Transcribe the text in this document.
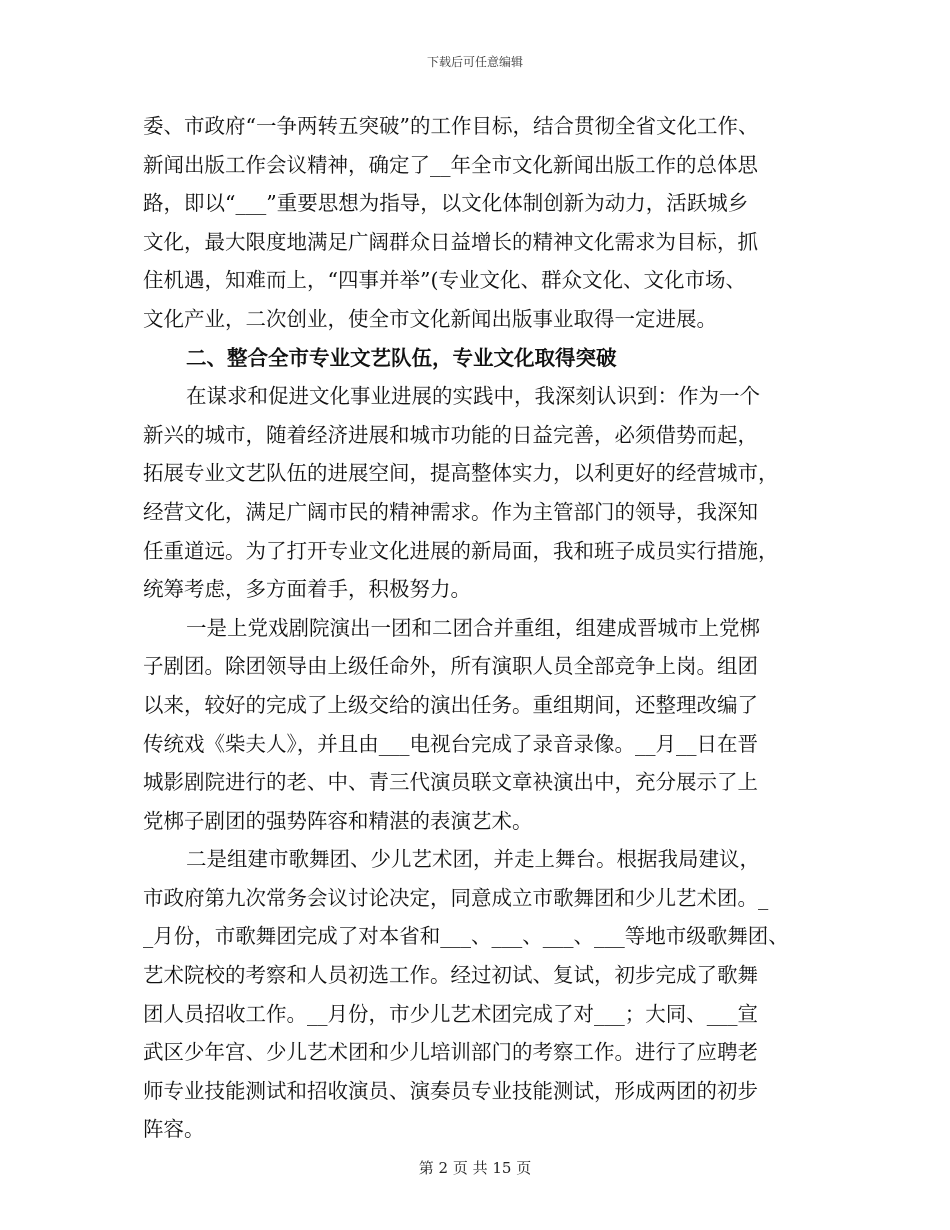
下载后可任意编辑
委、市政府“一争两转五突破”的工作目标，结合贯彻全省文化工作、
新闻出版工作会议精神，确定了__年全市文化新闻出版工作的总体思
路，即以“___”重要思想为指导，以文化体制创新为动力，活跃城乡
文化，最大限度地满足广阔群众日益增长的精神文化需求为目标，抓
住机遇，知难而上，“四事并举”(专业文化、群众文化、文化市场、
文化产业，二次创业，使全市文化新闻出版事业取得一定进展。
二、整合全市专业文艺队伍，专业文化取得突破
在谋求和促进文化事业进展的实践中，我深刻认识到：作为一个
新兴的城市，随着经济进展和城市功能的日益完善，必须借势而起，
拓展专业文艺队伍的进展空间，提高整体实力，以利更好的经营城市，
经营文化，满足广阔市民的精神需求。作为主管部门的领导，我深知
任重道远。为了打开专业文化进展的新局面，我和班子成员实行措施，
统筹考虑，多方面着手，积极努力。
一是上党戏剧院演出一团和二团合并重组，组建成晋城市上党梆
子剧团。除团领导由上级任命外，所有演职人员全部竞争上岗。组团
以来，较好的完成了上级交给的演出任务。重组期间，还整理改编了
传统戏《柴夫人》，并且由___电视台完成了录音录像。__月__日在晋
城影剧院进行的老、中、青三代演员联文章袂演出中，充分展示了上
党梆子剧团的强势阵容和精湛的表演艺术。
二是组建市歌舞团、少儿艺术团，并走上舞台。根据我局建议，
市政府第九次常务会议讨论决定，同意成立市歌舞团和少儿艺术团。_
_月份，市歌舞团完成了对本省和___、___、___、___等地市级歌舞团、
艺术院校的考察和人员初选工作。经过初试、复试，初步完成了歌舞
团人员招收工作。__月份，市少儿艺术团完成了对___；大同、___宣
武区少年宫、少儿艺术团和少儿培训部门的考察工作。进行了应聘老
师专业技能测试和招收演员、演奏员专业技能测试，形成两团的初步
阵容。
第 2 页 共 15 页
